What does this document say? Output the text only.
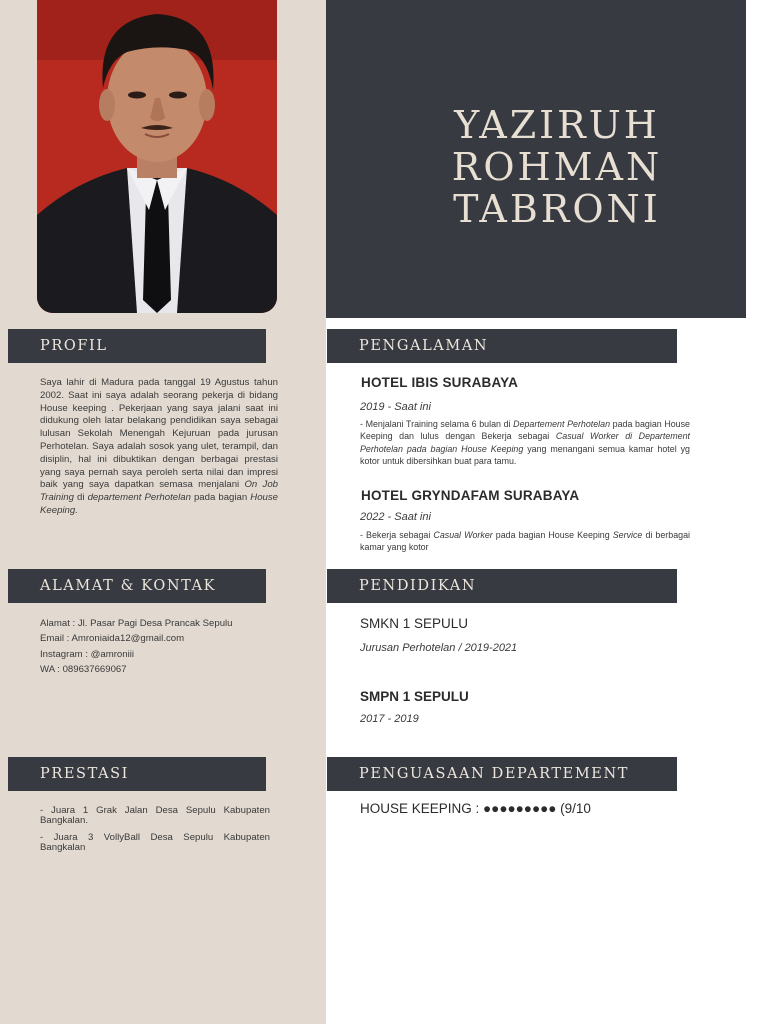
YAZIRUH
ROHMAN
TABRONI
PROFIL
Saya lahir di Madura pada tanggal 19 Agustus tahun 2002. Saat ini saya adalah seorang pekerja di bidang House keeping . Pekerjaan yang saya jalani saat ini didukung oleh latar belakang pendidikan saya sebagai lulusan Sekolah Menengah Kejuruan pada jurusan Perhotelan. Saya adalah sosok yang ulet, terampil, dan disiplin, hal ini dibuktikan dengan berbagai prestasi yang saya pernah saya peroleh serta nilai dan impresi baik yang saya dapatkan semasa menjalani On Job Training di departement Perhotelan pada bagian House Keeping.
ALAMAT & KONTAK
Alamat : Jl. Pasar Pagi Desa Prancak Sepulu
Email : Amroniaida12@gmail.com
Instagram : @amroniii
WA : 089637669067
PRESTASI
- Juara 1 Grak Jalan Desa Sepulu Kabupaten Bangkalan.
- Juara 3 VollyBall Desa Sepulu Kabupaten Bangkalan
PENGALAMAN
HOTEL IBIS SURABAYA
2019 - Saat ini
- Menjalani Training selama 6 bulan di Departement Perhotelan pada bagian House Keeping dan lulus dengan Bekerja sebagai Casual Worker di Departement Perhotelan pada bagian House Keeping yang menangani semua kamar hotel yg kotor untuk dibersihkan buat para tamu.
HOTEL GRYNDAFAM SURABAYA
2022 - Saat ini
- Bekerja sebagai Casual Worker pada bagian House Keeping Service di berbagai kamar yang kotor
PENDIDIKAN
SMKN 1 SEPULU
Jurusan Perhotelan / 2019-2021
SMPN 1 SEPULU
2017 - 2019
PENGUASAAN DEPARTEMENT
HOUSE KEEPING : ●●●●●●●●● (9/10
